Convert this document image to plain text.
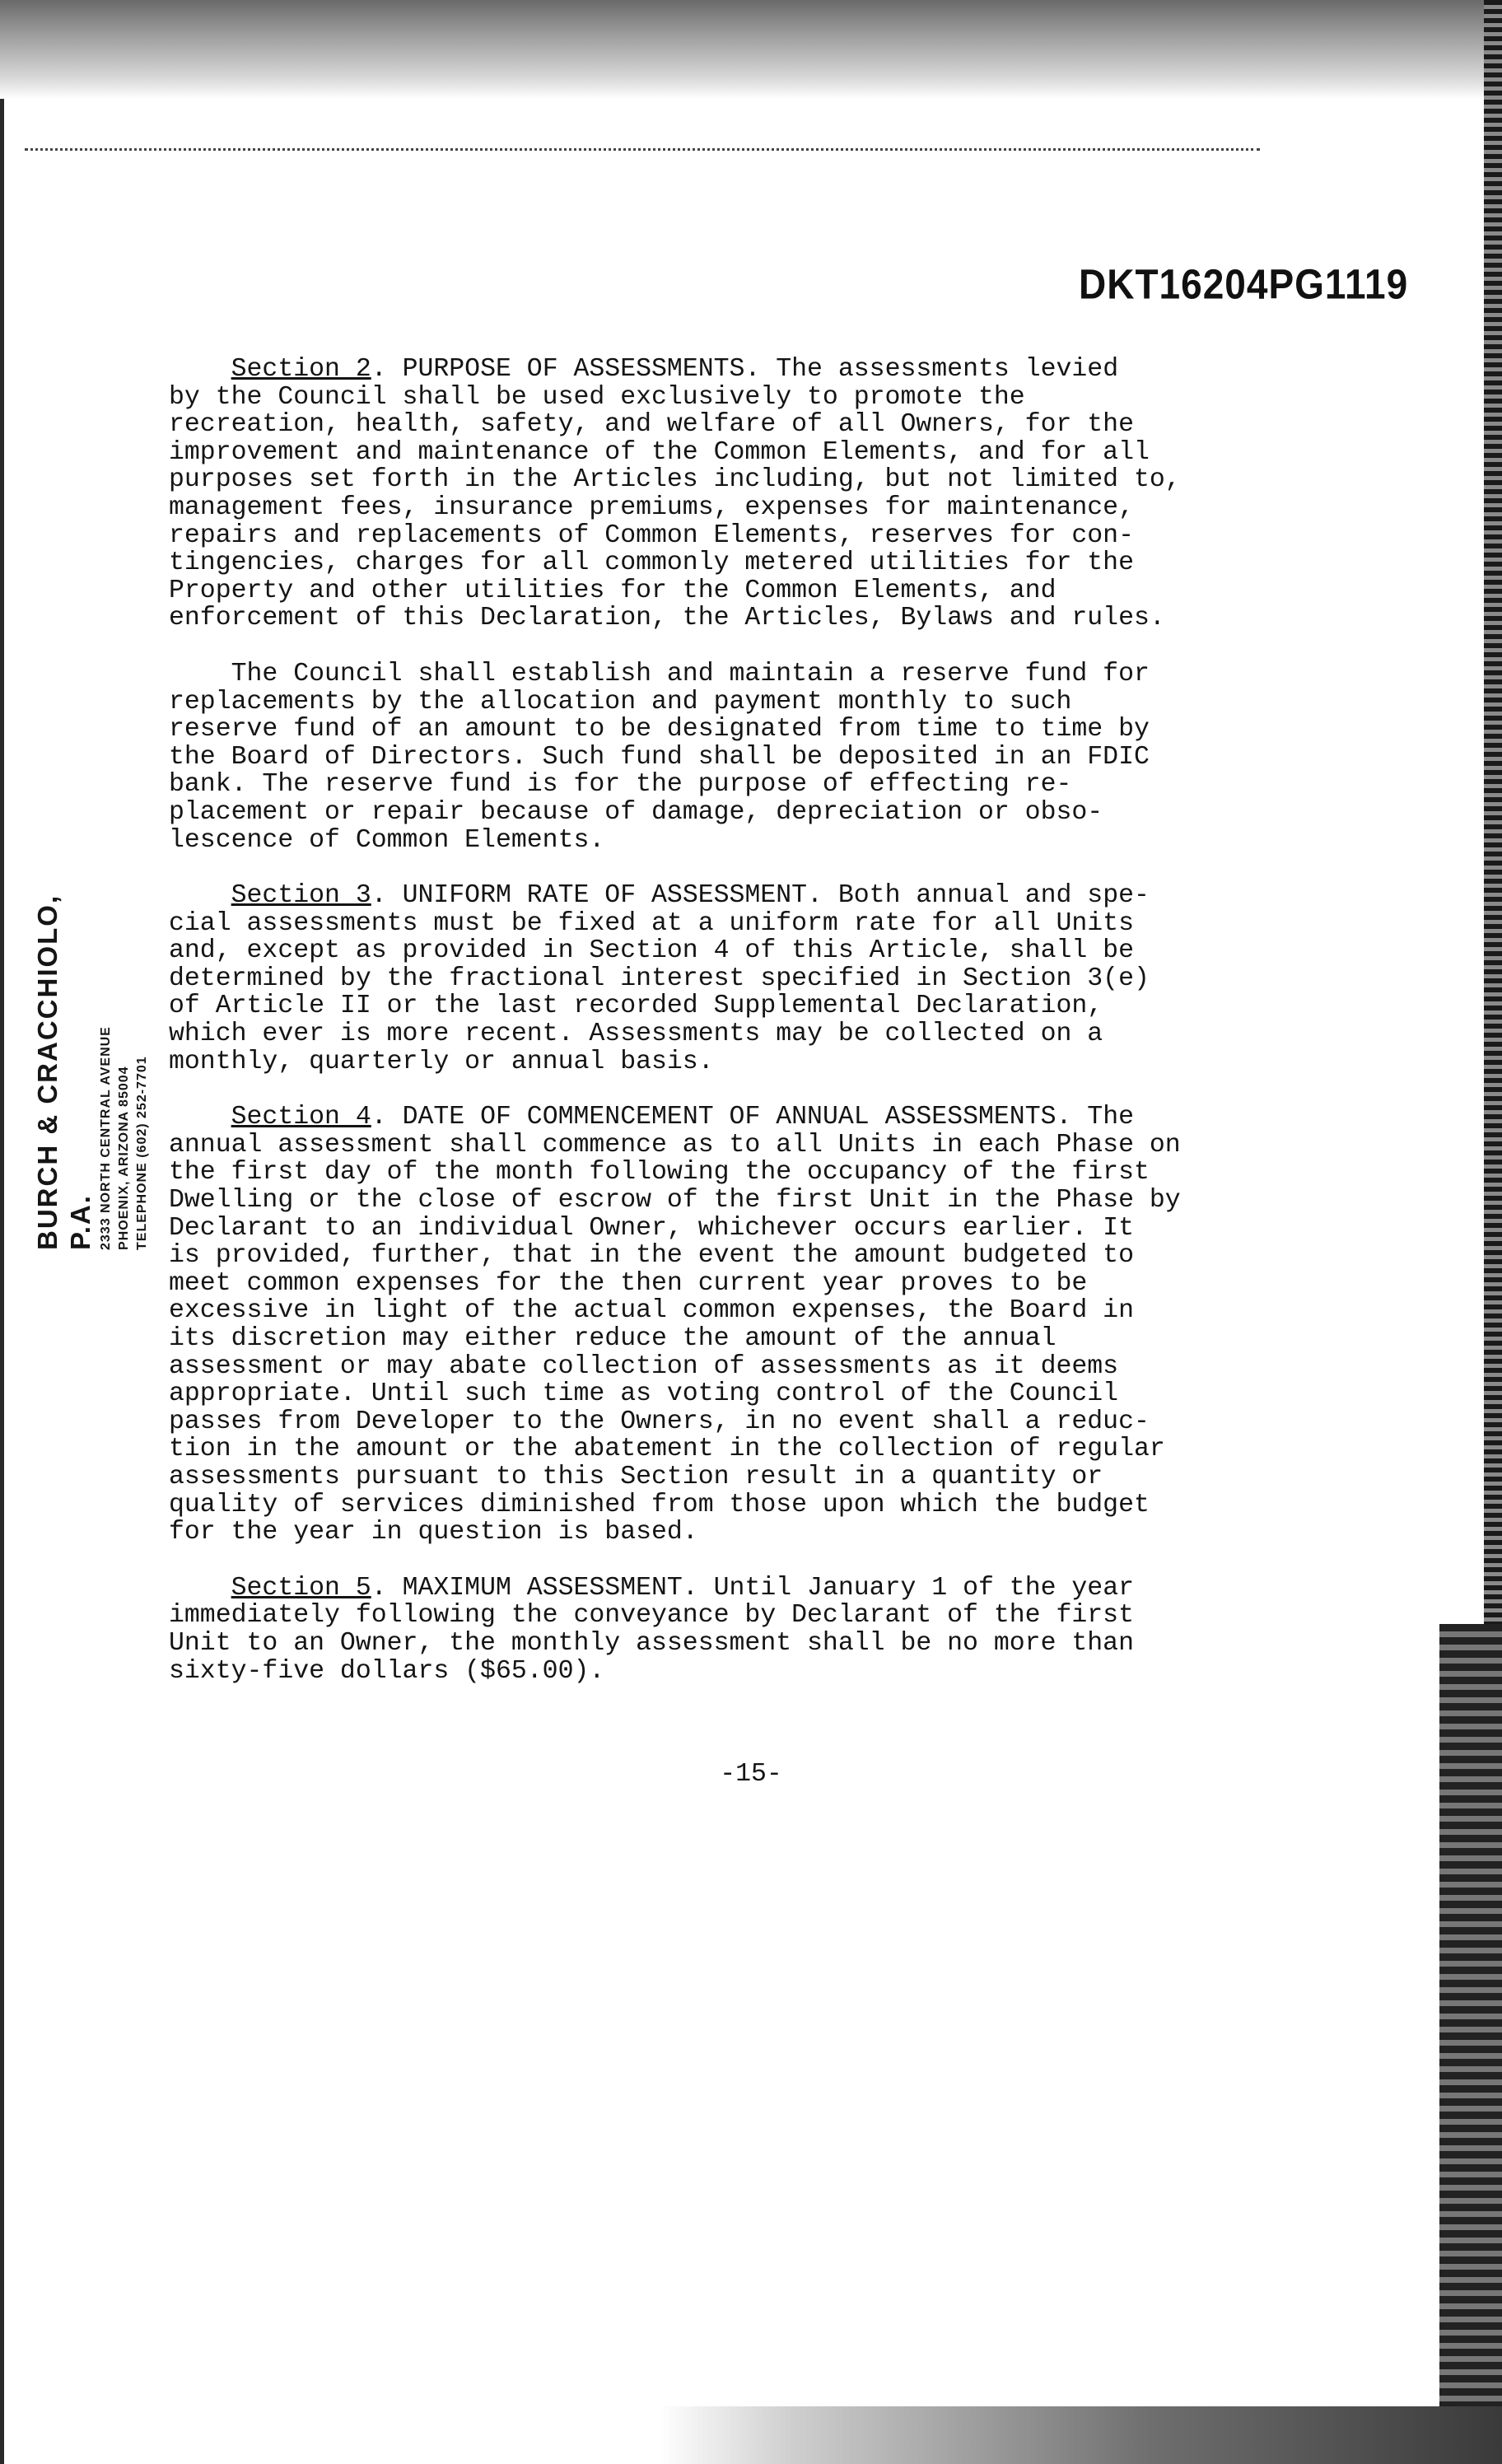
DKT16204PG1119
BURCH & CRACCHIOLO, P.A. 2333 NORTH CENTRAL AVENUE PHOENIX, ARIZONA 85004 TELEPHONE (602) 252-7701
Section 2. PURPOSE OF ASSESSMENTS. The assessments levied
by the Council shall be used exclusively to promote the
recreation, health, safety, and welfare of all Owners, for the
improvement and maintenance of the Common Elements, and for all
purposes set forth in the Articles including, but not limited to,
management fees, insurance premiums, expenses for maintenance,
repairs and replacements of Common Elements, reserves for con-
tingencies, charges for all commonly metered utilities for the
Property and other utilities for the Common Elements, and
enforcement of this Declaration, the Articles, Bylaws and rules.
The Council shall establish and maintain a reserve fund for
replacements by the allocation and payment monthly to such
reserve fund of an amount to be designated from time to time by
the Board of Directors. Such fund shall be deposited in an FDIC
bank. The reserve fund is for the purpose of effecting re-
placement or repair because of damage, depreciation or obso-
lescence of Common Elements.
Section 3. UNIFORM RATE OF ASSESSMENT. Both annual and spe-
cial assessments must be fixed at a uniform rate for all Units
and, except as provided in Section 4 of this Article, shall be
determined by the fractional interest specified in Section 3(e)
of Article II or the last recorded Supplemental Declaration,
which ever is more recent. Assessments may be collected on a
monthly, quarterly or annual basis.
Section 4. DATE OF COMMENCEMENT OF ANNUAL ASSESSMENTS. The
annual assessment shall commence as to all Units in each Phase on
the first day of the month following the occupancy of the first
Dwelling or the close of escrow of the first Unit in the Phase by
Declarant to an individual Owner, whichever occurs earlier. It
is provided, further, that in the event the amount budgeted to
meet common expenses for the then current year proves to be
excessive in light of the actual common expenses, the Board in
its discretion may either reduce the amount of the annual
assessment or may abate collection of assessments as it deems
appropriate. Until such time as voting control of the Council
passes from Developer to the Owners, in no event shall a reduc-
tion in the amount or the abatement in the collection of regular
assessments pursuant to this Section result in a quantity or
quality of services diminished from those upon which the budget
for the year in question is based.
Section 5. MAXIMUM ASSESSMENT. Until January 1 of the year
immediately following the conveyance by Declarant of the first
Unit to an Owner, the monthly assessment shall be no more than
sixty-five dollars ($65.00).
-15-
